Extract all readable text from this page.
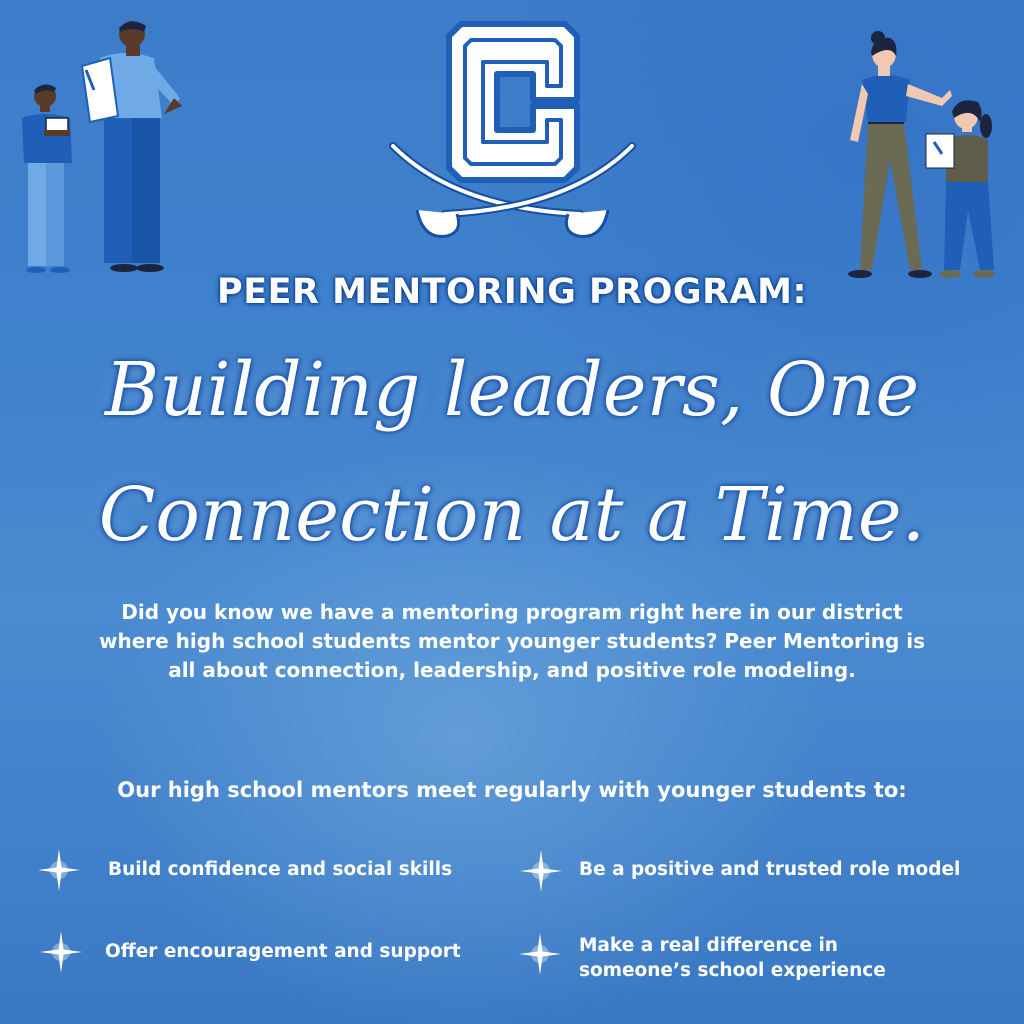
PEER MENTORING PROGRAM:
Building leaders, One
Connection at a Time.
Did you know we have a mentoring program right here in our district where high school students mentor younger students? Peer Mentoring is all about connection, leadership, and positive role modeling.
Our high school mentors meet regularly with younger students to:
Build confidence and social skills	Be a positive and trusted role model
Offer encouragement and support	Make a real difference in someone’s school experience
